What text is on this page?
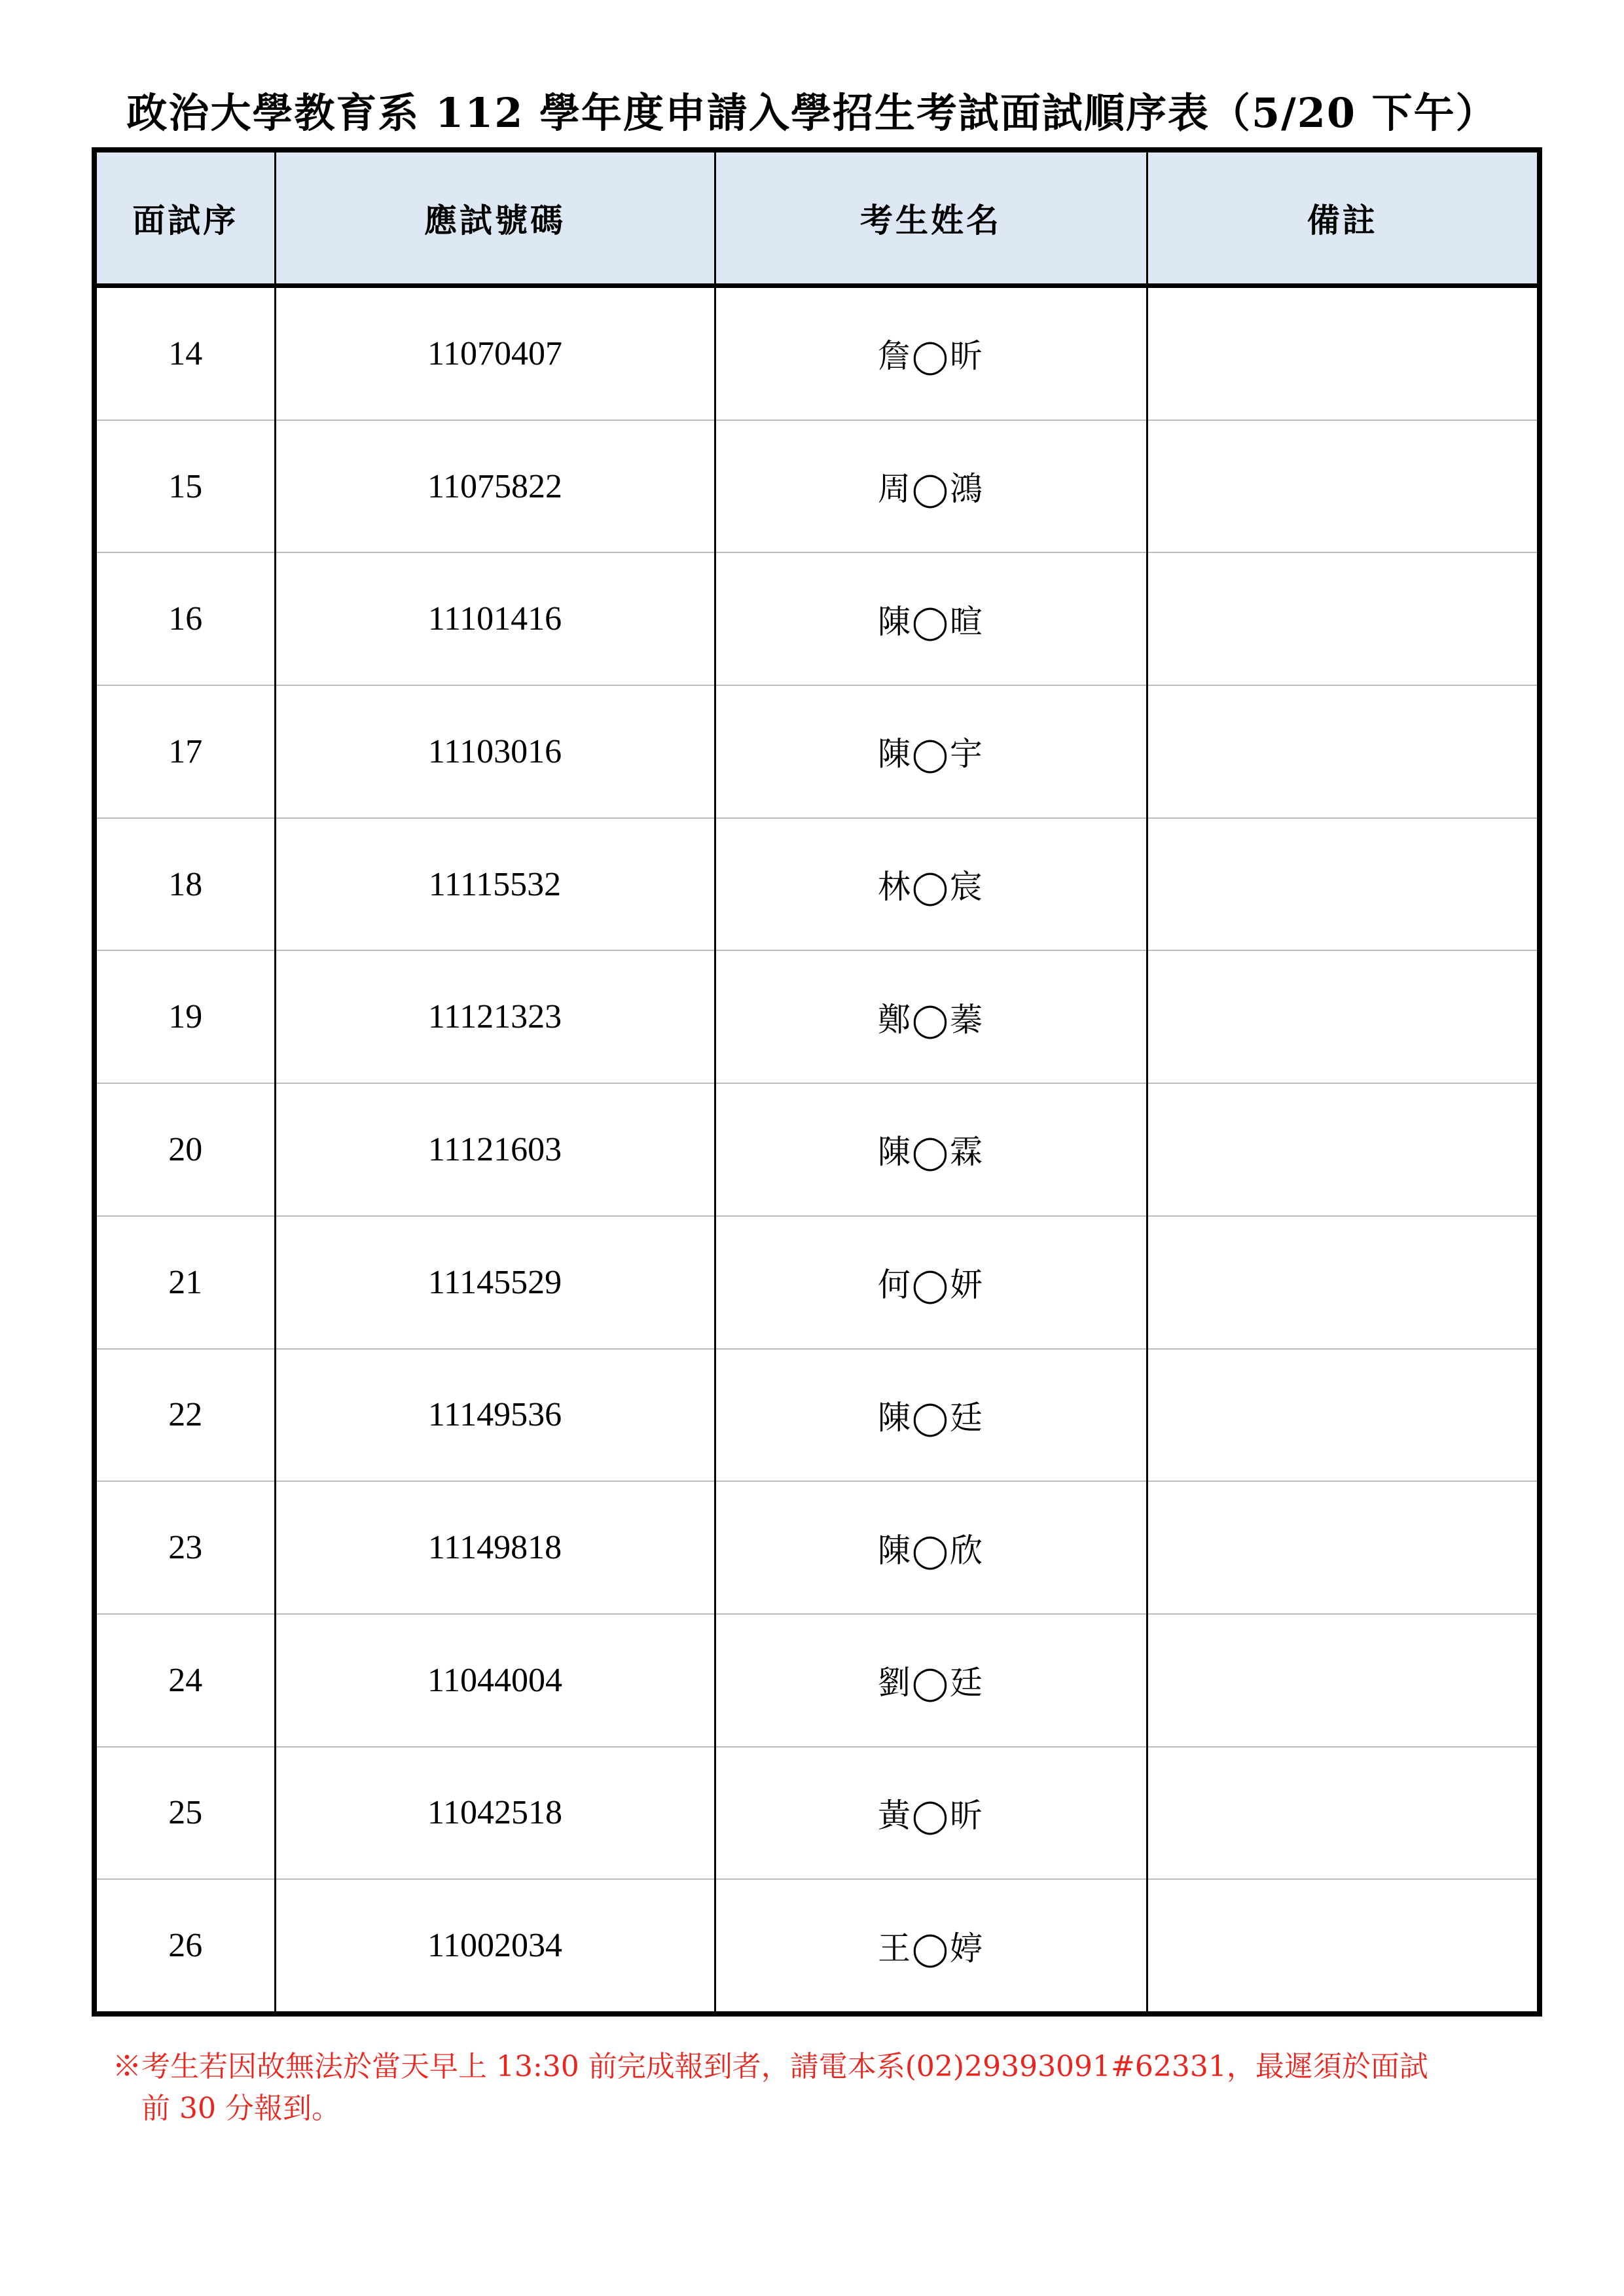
政治大學教育系 112 學年度申請入學招生考試面試順序表（5/20 下午）
面試序	應試號碼	考生姓名	備註
14	11070407	詹◯昕	
15	11075822	周◯鴻	
16	11101416	陳◯暄	
17	11103016	陳◯宇	
18	11115532	林◯宸	
19	11121323	鄭◯蓁	
20	11121603	陳◯霖	
21	11145529	何◯妍	
22	11149536	陳◯廷	
23	11149818	陳◯欣	
24	11044004	劉◯廷	
25	11042518	黃◯昕	
26	11002034	王◯婷	
※考生若因故無法於當天早上 13:30 前完成報到者，請電本系(02)29393091#62331，最遲須於面試
前 30 分報到。
